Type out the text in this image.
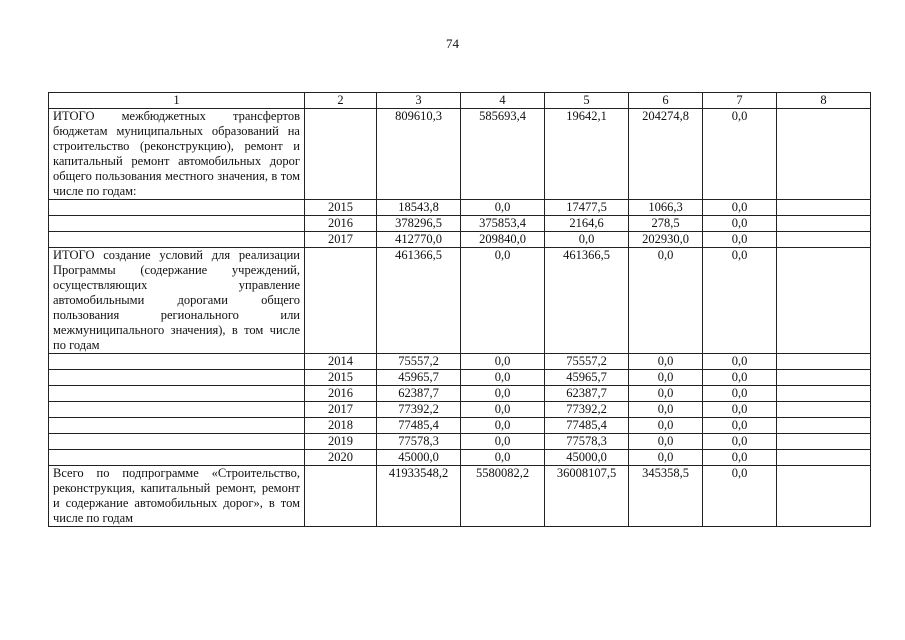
74
1	2	3	4	5	6	7	8
ИТОГО межбюджетных трансфертов бюджетам муниципальных образований на строительство (реконструкцию), ремонт и капитальный ремонт автомобильных дорог общего пользования местного значения, в том числе по годам:		809610,3	585693,4	19642,1	204274,8	0,0	
	2015	18543,8	0,0	17477,5	1066,3	0,0	
	2016	378296,5	375853,4	2164,6	278,5	0,0	
	2017	412770,0	209840,0	0,0	202930,0	0,0	
ИТОГО создание условий для реализации Программы (содержание учреждений, осуществляющих управление автомобильными дорогами общего пользования регионального или межмуниципального значения), в том числе по годам		461366,5	0,0	461366,5	0,0	0,0	
	2014	75557,2	0,0	75557,2	0,0	0,0	
	2015	45965,7	0,0	45965,7	0,0	0,0	
	2016	62387,7	0,0	62387,7	0,0	0,0	
	2017	77392,2	0,0	77392,2	0,0	0,0	
	2018	77485,4	0,0	77485,4	0,0	0,0	
	2019	77578,3	0,0	77578,3	0,0	0,0	
	2020	45000,0	0,0	45000,0	0,0	0,0	
Всего по подпрограмме «Строительство, реконструкция, капитальный ремонт, ремонт и содержание автомобильных дорог», в том числе по годам		41933548,2	5580082,2	36008107,5	345358,5	0,0	
